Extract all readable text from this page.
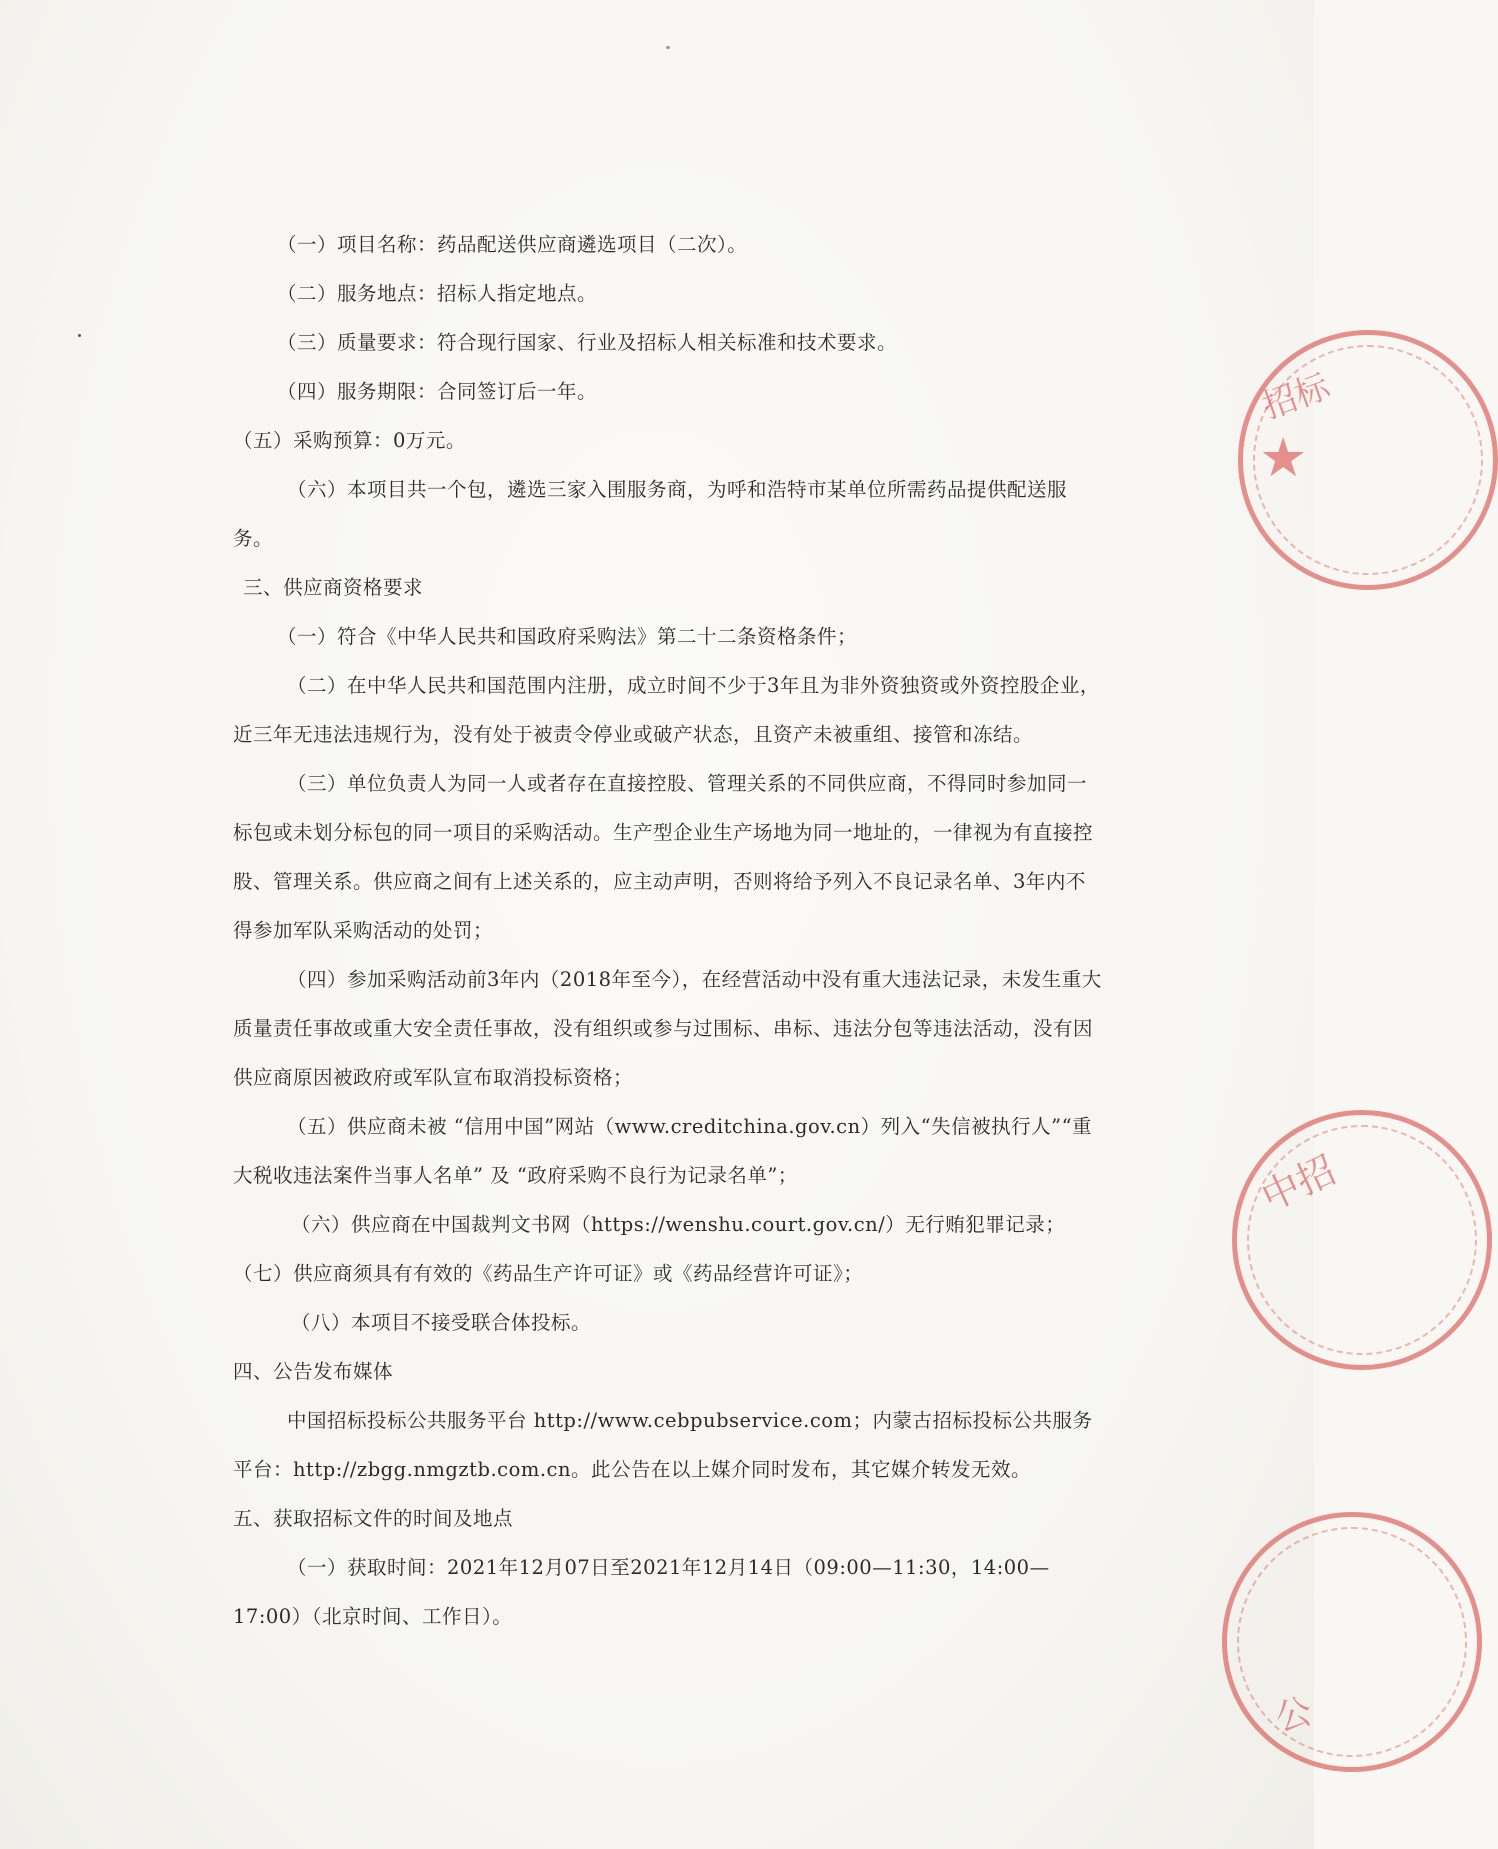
（一）项目名称：药品配送供应商遴选项目（二次）。

（二）服务地点：招标人指定地点。

（三）质量要求：符合现行国家、行业及招标人相关标准和技术要求。

（四）服务期限：合同签订后一年。

（五）采购预算：0万元。

（六）本项目共一个包，遴选三家入围服务商，为呼和浩特市某单位所需药品提供配送服务。

三、供应商资格要求

（一）符合《中华人民共和国政府采购法》第二十二条资格条件；

（二）在中华人民共和国范围内注册，成立时间不少于3年且为非外资独资或外资控股企业，近三年无违法违规行为，没有处于被责令停业或破产状态，且资产未被重组、接管和冻结。

（三）单位负责人为同一人或者存在直接控股、管理关系的不同供应商，不得同时参加同一标包或未划分标包的同一项目的采购活动。生产型企业生产场地为同一地址的，一律视为有直接控股、管理关系。供应商之间有上述关系的，应主动声明，否则将给予列入不良记录名单、3年内不得参加军队采购活动的处罚；

（四）参加采购活动前3年内（2018年至今），在经营活动中没有重大违法记录，未发生重大质量责任事故或重大安全责任事故，没有组织或参与过围标、串标、违法分包等违法活动，没有因供应商原因被政府或军队宣布取消投标资格；

（五）供应商未被 “信用中国”网站（www.creditchina.gov.cn）列入“失信被执行人”“重大税收违法案件当事人名单” 及 “政府采购不良行为记录名单”；

（六）供应商在中国裁判文书网（https://wenshu.court.gov.cn/）无行贿犯罪记录；

（七）供应商须具有有效的《药品生产许可证》或《药品经营许可证》；

（八）本项目不接受联合体投标。

四、公告发布媒体

中国招标投标公共服务平台 http://www.cebpubservice.com；内蒙古招标投标公共服务平台：http://zbgg.nmgztb.com.cn。此公告在以上媒介同时发布，其它媒介转发无效。

五、获取招标文件的时间及地点

（一）获取时间：2021年12月07日至2021年12月14日（09:00—11:30，14:00—17:00）（北京时间、工作日）。

招标
★
中招
公
